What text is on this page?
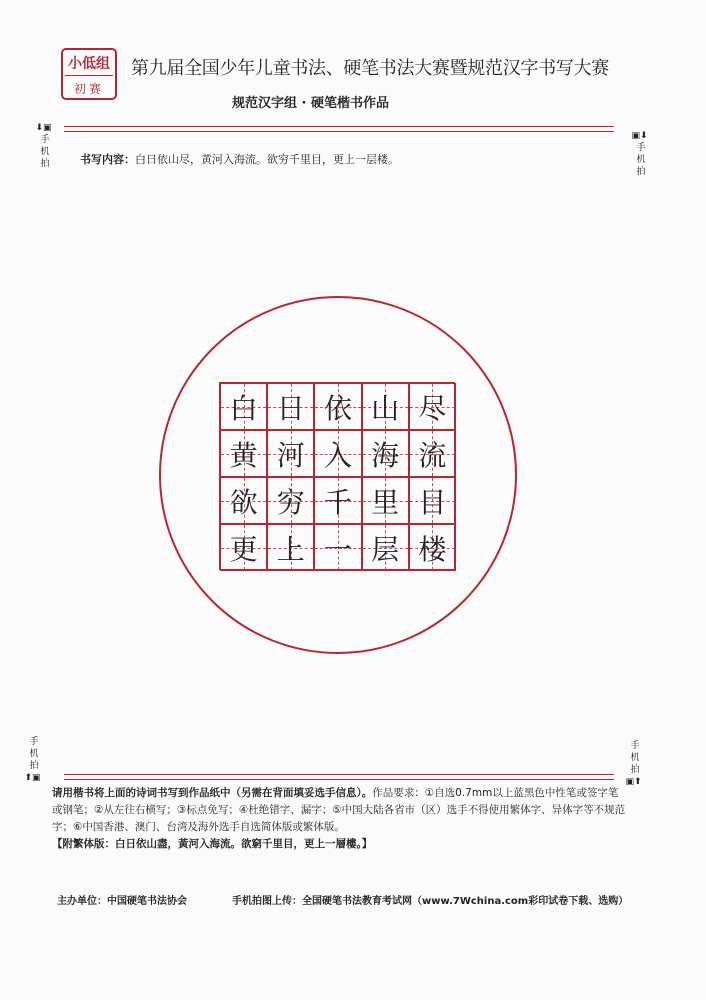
小低组
初赛
第九届全国少年儿童书法、硬笔书法大赛暨规范汉字书写大赛
规范汉字组 · 硬笔楷书作品
⬇▣
手机拍
▣⬇
手机拍
手机拍
⬆▣
手机拍
▣⬆
书写内容：白日依山尽，黄河入海流。欲穷千里目，更上一层楼。
白 日 依 山 尽
黄 河 入 海 流
欲 穷 千 里 目
更 上 一 层 楼
请用楷书将上面的诗词书写到作品纸中（另需在背面填妥选手信息）。作品要求：①自选0.7mm以上蓝黑色中性笔或签字笔或钢笔；②从左往右横写；③标点免写；④杜绝错字、漏字；⑤中国大陆各省市（区）选手不得使用繁体字、异体字等不规范字；⑥中国香港、澳门、台湾及海外选手自选简体版或繁体版。
【附繁体版：白日依山盡，黃河入海流。欲窮千里目，更上一層樓。】
主办单位：中国硬笔书法协会	手机拍图上传：全国硬笔书法教育考试网（www.7Wchina.com彩印试卷下载、选购）
